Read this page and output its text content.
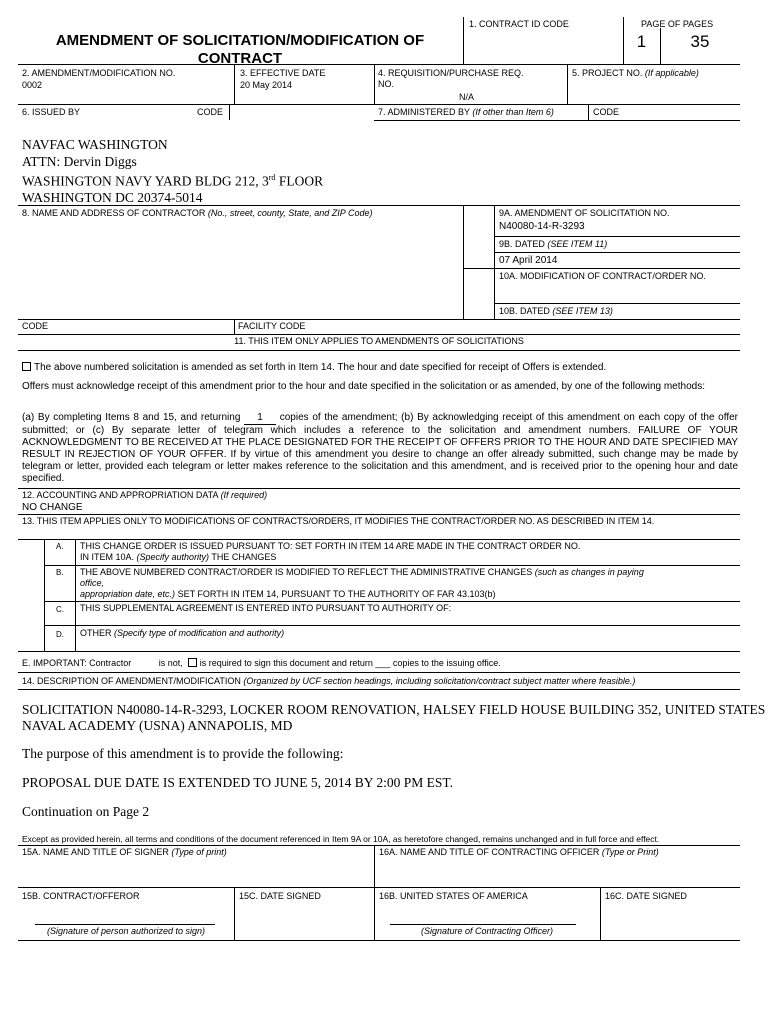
AMENDMENT OF SOLICITATION/MODIFICATION OF CONTRACT
1. CONTRACT ID CODE	PAGE OF PAGES
1	35
2. AMENDMENT/MODIFICATION NO.
0002
3. EFFECTIVE DATE
20 May 2014
4. REQUISITION/PURCHASE REQ.
NO.
N/A
5. PROJECT NO. (If applicable)
6. ISSUED BY	CODE	7. ADMINISTERED BY (If other than Item 6)	CODE
NAVFAC WASHINGTON
ATTN: Dervin Diggs
WASHINGTON NAVY YARD BLDG 212, 3rd FLOOR
WASHINGTON DC 20374-5014
8. NAME AND ADDRESS OF CONTRACTOR (No., street, county, State, and ZIP Code)	9A. AMENDMENT OF SOLICITATION NO.
N40080-14-R-3293
9B. DATED (SEE ITEM 11)
07 April 2014
10A. MODIFICATION OF CONTRACT/ORDER NO.
10B. DATED (SEE ITEM 13)
CODE	FACILITY CODE
11. THIS ITEM ONLY APPLIES TO AMENDMENTS OF SOLICITATIONS
The above numbered solicitation is amended as set forth in Item 14. The hour and date specified for receipt of Offers is extended.
Offers must acknowledge receipt of this amendment prior to the hour and date specified in the solicitation or as amended, by one of the following methods:
(a) By completing Items 8 and 15, and returning 1 copies of the amendment; (b) By acknowledging receipt of this amendment on each copy of the offer submitted; or (c) By separate letter of telegram which includes a reference to the solicitation and amendment numbers. FAILURE OF YOUR ACKNOWLEDGMENT TO BE RECEIVED AT THE PLACE DESIGNATED FOR THE RECEIPT OF OFFERS PRIOR TO THE HOUR AND DATE SPECIFIED MAY RESULT IN REJECTION OF YOUR OFFER. If by virtue of this amendment you desire to change an offer already submitted, such change may be made by telegram or letter, provided each telegram or letter makes reference to the solicitation and this amendment, and is received prior to the opening hour and date specified.
12. ACCOUNTING AND APPROPRIATION DATA (If required)
NO CHANGE
13. THIS ITEM APPLIES ONLY TO MODIFICATIONS OF CONTRACTS/ORDERS, IT MODIFIES THE CONTRACT/ORDER NO. AS DESCRIBED IN ITEM 14.
A. THIS CHANGE ORDER IS ISSUED PURSUANT TO: SET FORTH IN ITEM 14 ARE MADE IN THE CONTRACT ORDER NO.
IN ITEM 10A. (Specify authority) THE CHANGES
B. THE ABOVE NUMBERED CONTRACT/ORDER IS MODIFIED TO REFLECT THE ADMINISTRATIVE CHANGES (such as changes in paying
office,
appropriation date, etc.) SET FORTH IN ITEM 14, PURSUANT TO THE AUTHORITY OF FAR 43.103(b)
C. THIS SUPPLEMENTAL AGREEMENT IS ENTERED INTO PURSUANT TO AUTHORITY OF:
D. OTHER (Specify type of modification and authority)
E. IMPORTANT: Contractor	is not, is required to sign this document and return ___ copies to the issuing office.
14. DESCRIPTION OF AMENDMENT/MODIFICATION (Organized by UCF section headings, including solicitation/contract subject matter where feasible.)
SOLICITATION N40080-14-R-3293, LOCKER ROOM RENOVATION, HALSEY FIELD HOUSE BUILDING 352, UNITED STATES
NAVAL ACADEMY (USNA) ANNAPOLIS, MD
The purpose of this amendment is to provide the following:
PROPOSAL DUE DATE IS EXTENDED TO JUNE 5, 2014 BY 2:00 PM EST.
Continuation on Page 2
Except as provided herein, all terms and conditions of the document referenced in Item 9A or 10A, as heretofore changed, remains unchanged and in full force and effect.
15A. NAME AND TITLE OF SIGNER (Type of print)	16A. NAME AND TITLE OF CONTRACTING OFFICER (Type or Print)
15B. CONTRACT/OFFEROR	15C. DATE SIGNED	16B. UNITED STATES OF AMERICA	16C. DATE SIGNED
(Signature of person authorized to sign)	(Signature of Contracting Officer)
